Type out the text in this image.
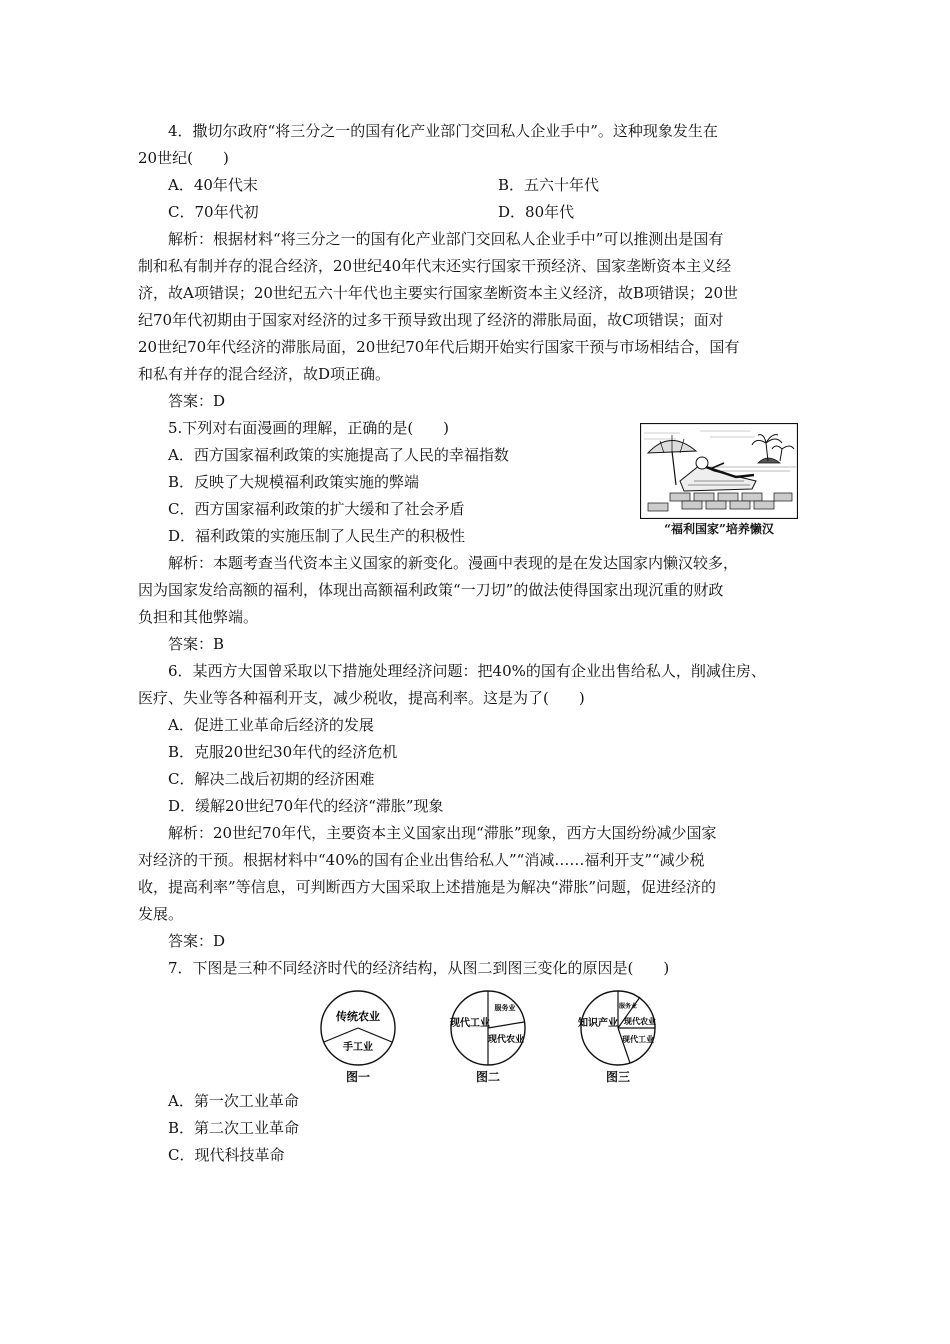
4．撒切尔政府“将三分之一的国有化产业部门交回私人企业手中”。这种现象发生在

20世纪(　　)

A．40年代末	B．五六十年代
C．70年代初	D．80年代

解析：根据材料“将三分之一的国有化产业部门交回私人企业手中”可以推测出是国有

制和私有制并存的混合经济，20世纪40年代末还实行国家干预经济、国家垄断资本主义经

济，故A项错误；20世纪五六十年代也主要实行国家垄断资本主义经济，故B项错误；20世

纪70年代初期由于国家对经济的过多干预导致出现了经济的滞胀局面，故C项错误；面对

20世纪70年代经济的滞胀局面，20世纪70年代后期开始实行国家干预与市场相结合，国有

和私有并存的混合经济，故D项正确。

答案：D

5.下列对右面漫画的理解，正确的是(　　)

A．西方国家福利政策的实施提高了人民的幸福指数

B．反映了大规模福利政策实施的弊端

C．西方国家福利政策的扩大缓和了社会矛盾

D．福利政策的实施压制了人民生产的积极性	“福利国家”培养懒汉

解析：本题考查当代资本主义国家的新变化。漫画中表现的是在发达国家内懒汉较多，

因为国家发给高额的福利，体现出高额福利政策“一刀切”的做法使得国家出现沉重的财政

负担和其他弊端。

答案：B

6．某西方大国曾采取以下措施处理经济问题：把40%的国有企业出售给私人，削减住房、

医疗、失业等各种福利开支，减少税收，提高利率。这是为了(　　)

A．促进工业革命后经济的发展

B．克服20世纪30年代的经济危机

C．解决二战后初期的经济困难

D．缓解20世纪70年代的经济“滞胀”现象

解析：20世纪70年代，主要资本主义国家出现“滞胀”现象，西方大国纷纷减少国家

对经济的干预。根据材料中“40%的国有企业出售给私人”“消减……福利开支”“减少税

收，提高利率”等信息，可判断西方大国采取上述措施是为解决“滞胀”问题，促进经济的

发展。

答案：D

7．下图是三种不同经济时代的经济结构，从图二到图三变化的原因是(　　)

传统农业
手工业
图一
现代工业
服务业
现代农业
图二
知识产业
服务业
现代农业
现代工业
图三

A．第一次工业革命

B．第二次工业革命

C．现代科技革命
